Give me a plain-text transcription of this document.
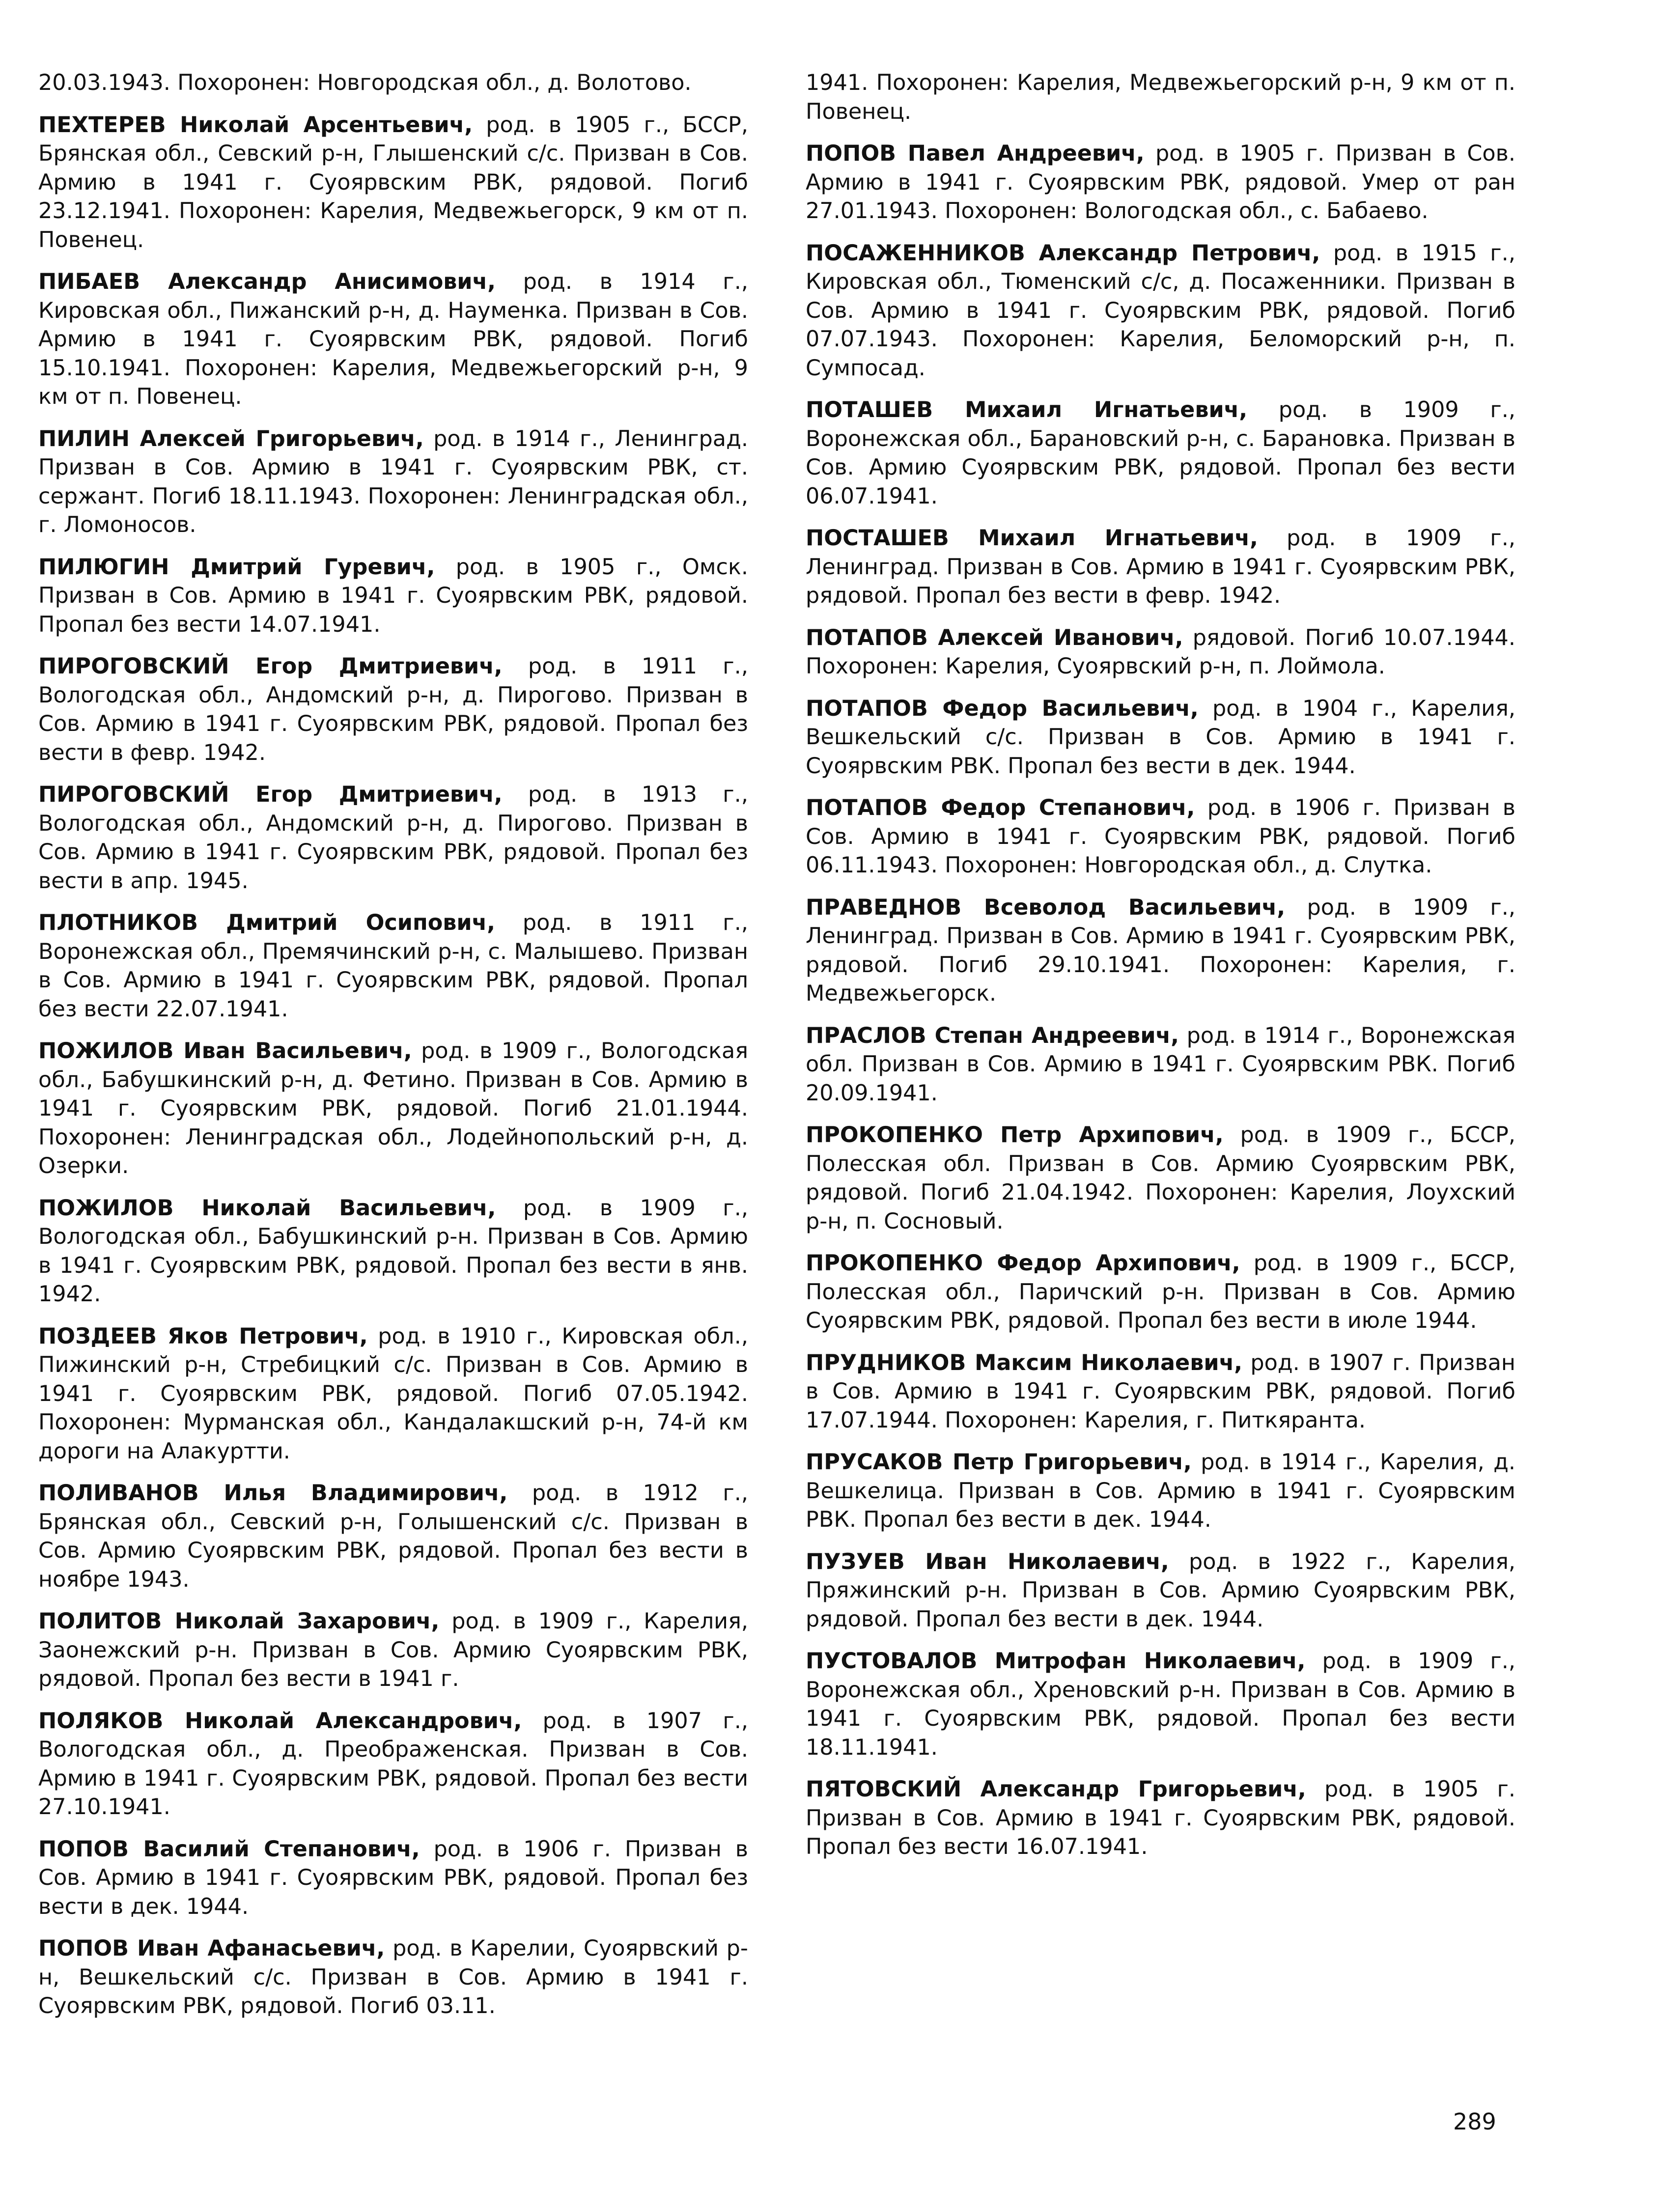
20.03.1943. Похоронен: Новгородская обл., д. Волотово.

ПЕХТЕРЕВ Николай Арсентьевич, род. в 1905 г., БССР, Брянская обл., Севский р-н, Глышенский с/с. Призван в Сов. Армию в 1941 г. Суоярвским РВК, рядовой. Погиб 23.12.1941. Похоронен: Карелия, Медвежьегорск, 9 км от п. Повенец.

ПИБАЕВ Александр Анисимович, род. в 1914 г., Кировская обл., Пижанский р-н, д. Науменка. Призван в Сов. Армию в 1941 г. Суоярвским РВК, рядовой. Погиб 15.10.1941. Похоронен: Карелия, Медвежьегорский р-н, 9 км от п. Повенец.

ПИЛИН Алексей Григорьевич, род. в 1914 г., Ленинград. Призван в Сов. Армию в 1941 г. Суоярвским РВК, ст. сержант. Погиб 18.11.1943. Похоронен: Ленинградская обл., г. Ломоносов.

ПИЛЮГИН Дмитрий Гуревич, род. в 1905 г., Омск. Призван в Сов. Армию в 1941 г. Суоярвским РВК, рядовой. Пропал без вести 14.07.1941.

ПИРОГОВСКИЙ Егор Дмитриевич, род. в 1911 г., Вологодская обл., Андомский р-н, д. Пирогово. Призван в Сов. Армию в 1941 г. Суоярвским РВК, рядовой. Пропал без вести в февр. 1942.

ПИРОГОВСКИЙ Егор Дмитриевич, род. в 1913 г., Вологодская обл., Андомский р-н, д. Пирогово. Призван в Сов. Армию в 1941 г. Суоярвским РВК, рядовой. Пропал без вести в апр. 1945.

ПЛОТНИКОВ Дмитрий Осипович, род. в 1911 г., Воронежская обл., Премячинский р-н, с. Малышево. Призван в Сов. Армию в 1941 г. Суоярвским РВК, рядовой. Пропал без вести 22.07.1941.

ПОЖИЛОВ Иван Васильевич, род. в 1909 г., Вологодская обл., Бабушкинский р-н, д. Фетино. Призван в Сов. Армию в 1941 г. Суоярвским РВК, рядовой. Погиб 21.01.1944. Похоронен: Ленинградская обл., Лодейнопольский р-н, д. Озерки.

ПОЖИЛОВ Николай Васильевич, род. в 1909 г., Вологодская обл., Бабушкинский р-н. Призван в Сов. Армию в 1941 г. Суоярвским РВК, рядовой. Пропал без вести в янв. 1942.

ПОЗДЕЕВ Яков Петрович, род. в 1910 г., Кировская обл., Пижинский р-н, Стребицкий с/с. Призван в Сов. Армию в 1941 г. Суоярвским РВК, рядовой. Погиб 07.05.1942. Похоронен: Мурманская обл., Кандалакшский р-н, 74-й км дороги на Алакуртти.

ПОЛИВАНОВ Илья Владимирович, род. в 1912 г., Брянская обл., Севский р-н, Голышенский с/с. Призван в Сов. Армию Суоярвским РВК, рядовой. Пропал без вести в ноябре 1943.

ПОЛИТОВ Николай Захарович, род. в 1909 г., Карелия, Заонежский р-н. Призван в Сов. Армию Суоярвским РВК, рядовой. Пропал без вести в 1941 г.

ПОЛЯКОВ Николай Александрович, род. в 1907 г., Вологодская обл., д. Преображенская. Призван в Сов. Армию в 1941 г. Суоярвским РВК, рядовой. Пропал без вести 27.10.1941.

ПОПОВ Василий Степанович, род. в 1906 г. Призван в Сов. Армию в 1941 г. Суоярвским РВК, рядовой. Пропал без вести в дек. 1944.

ПОПОВ Иван Афанасьевич, род. в Карелии, Суоярвский р-н, Вешкельский с/с. Призван в Сов. Армию в 1941 г. Суоярвским РВК, рядовой. Погиб 03.11.

1941. Похоронен: Карелия, Медвежьегорский р-н, 9 км от п. Повенец.

ПОПОВ Павел Андреевич, род. в 1905 г. Призван в Сов. Армию в 1941 г. Суоярвским РВК, рядовой. Умер от ран 27.01.1943. Похоронен: Вологодская обл., с. Бабаево.

ПОСАЖЕННИКОВ Александр Петрович, род. в 1915 г., Кировская обл., Тюменский с/с, д. Посаженники. Призван в Сов. Армию в 1941 г. Суоярвским РВК, рядовой. Погиб 07.07.1943. Похоронен: Карелия, Беломорский р-н, п. Сумпосад.

ПОТАШЕВ Михаил Игнатьевич, род. в 1909 г., Воронежская обл., Барановский р-н, с. Барановка. Призван в Сов. Армию Суоярвским РВК, рядовой. Пропал без вести 06.07.1941.

ПОСТАШЕВ Михаил Игнатьевич, род. в 1909 г., Ленинград. Призван в Сов. Армию в 1941 г. Суоярвским РВК, рядовой. Пропал без вести в февр. 1942.

ПОТАПОВ Алексей Иванович, рядовой. Погиб 10.07.1944. Похоронен: Карелия, Суоярвский р-н, п. Лоймола.

ПОТАПОВ Федор Васильевич, род. в 1904 г., Карелия, Вешкельский с/с. Призван в Сов. Армию в 1941 г. Суоярвским РВК. Пропал без вести в дек. 1944.

ПОТАПОВ Федор Степанович, род. в 1906 г. Призван в Сов. Армию в 1941 г. Суоярвским РВК, рядовой. Погиб 06.11.1943. Похоронен: Новгородская обл., д. Слутка.

ПРАВЕДНОВ Всеволод Васильевич, род. в 1909 г., Ленинград. Призван в Сов. Армию в 1941 г. Суоярвским РВК, рядовой. Погиб 29.10.1941. Похоронен: Карелия, г. Медвежьегорск.

ПРАСЛОВ Степан Андреевич, род. в 1914 г., Воронежская обл. Призван в Сов. Армию в 1941 г. Суоярвским РВК. Погиб 20.09.1941.

ПРОКОПЕНКО Петр Архипович, род. в 1909 г., БССР, Полесская обл. Призван в Сов. Армию Суоярвским РВК, рядовой. Погиб 21.04.1942. Похоронен: Карелия, Лоухский р-н, п. Сосновый.

ПРОКОПЕНКО Федор Архипович, род. в 1909 г., БССР, Полесская обл., Паричский р-н. Призван в Сов. Армию Суоярвским РВК, рядовой. Пропал без вести в июле 1944.

ПРУДНИКОВ Максим Николаевич, род. в 1907 г. Призван в Сов. Армию в 1941 г. Суоярвским РВК, рядовой. Погиб 17.07.1944. Похоронен: Карелия, г. Питкяранта.

ПРУСАКОВ Петр Григорьевич, род. в 1914 г., Карелия, д. Вешкелица. Призван в Сов. Армию в 1941 г. Суоярвским РВК. Пропал без вести в дек. 1944.

ПУЗУЕВ Иван Николаевич, род. в 1922 г., Карелия, Пряжинский р-н. Призван в Сов. Армию Суоярвским РВК, рядовой. Пропал без вести в дек. 1944.

ПУСТОВАЛОВ Митрофан Николаевич, род. в 1909 г., Воронежская обл., Хреновский р-н. Призван в Сов. Армию в 1941 г. Суоярвским РВК, рядовой. Пропал без вести 18.11.1941.

ПЯТОВСКИЙ Александр Григорьевич, род. в 1905 г. Призван в Сов. Армию в 1941 г. Суоярвским РВК, рядовой. Пропал без вести 16.07.1941.

289
